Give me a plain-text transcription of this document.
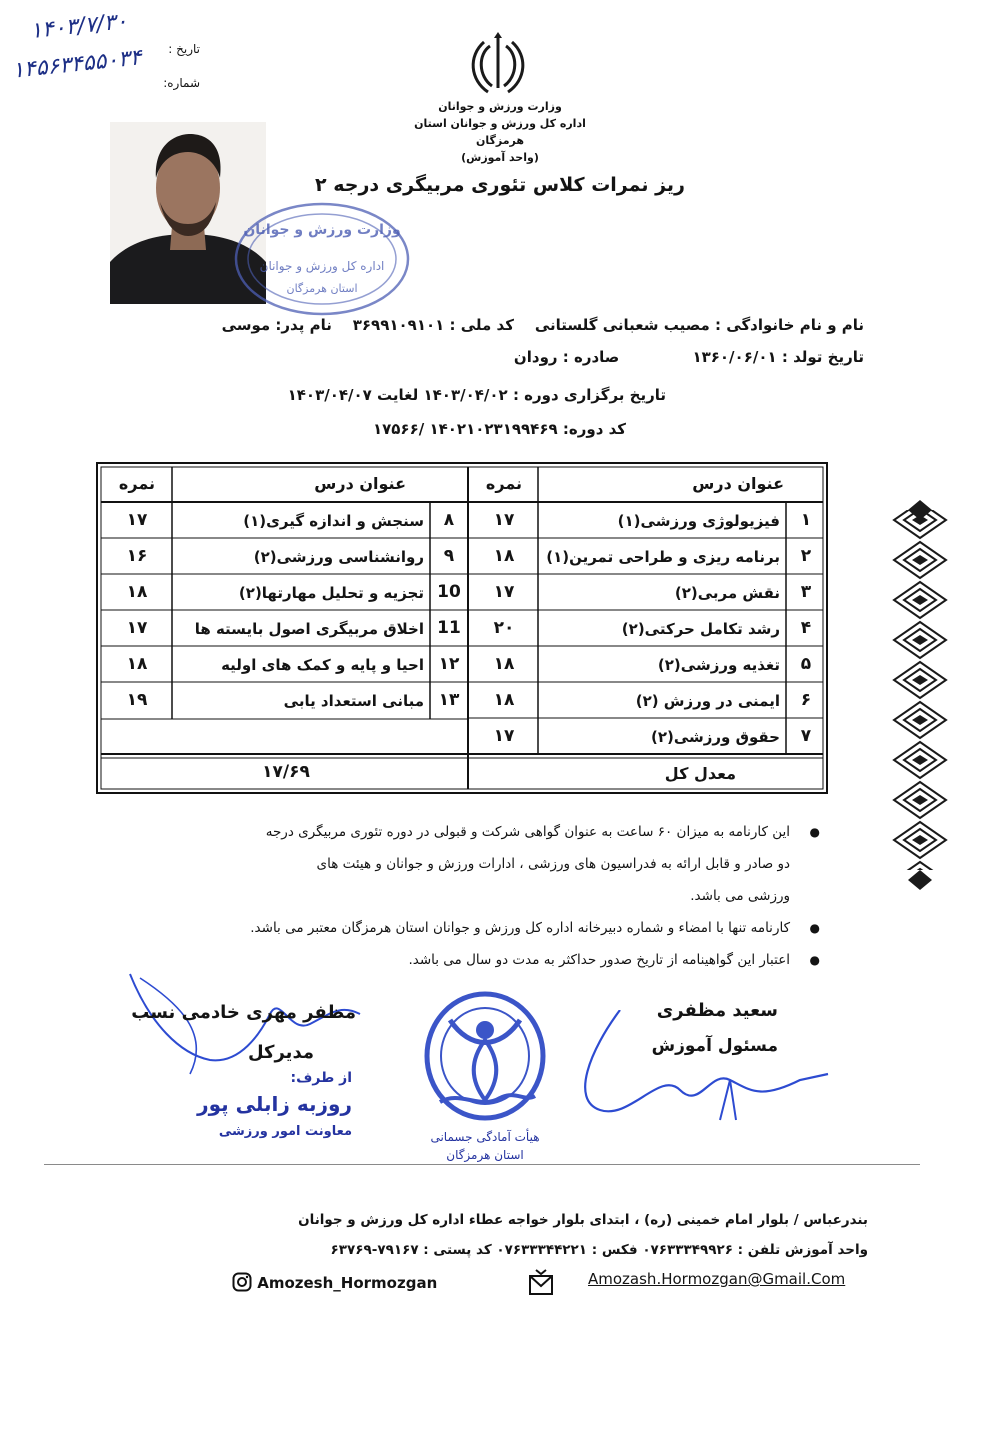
۱۴۰۳/۷/۳۰
۱۴۵۶۳۴۵۵۰۳۴ تاریخ :
شماره:
وزارت ورزش و جوانان
اداره کل ورزش و جوانان استان هرمزگان
(واحد آموزش)
ریز نمرات کلاس تئوری مربیگری درجه ۲
وزارت ورزش و جوانان
اداره کل ورزش و جوانان
استان هرمزگان
نام و نام خانوادگی : مصیب شعبانی گلستانی    کد ملی : ۳۶۹۹۱۰۹۱۰۱    نام پدر: موسی
تاریخ تولد : ۱۳۶۰/۰۶/۰۱              صادره : رودان
تاریخ برگزاری دوره : ۱۴۰۳/۰۴/۰۲ لغایت ۱۴۰۳/۰۴/۰۷
کد دوره: ۱۴۰۲۱۰۲۳۱۹۹۴۶۹ /۱۷۵۶۶
عنوان درس
نمره
عنوان درس
نمره
۱
فیزیولوژی ورزشی(۱)
۱۷
۲
برنامه ریزی و طراحی تمرین(۱)
۱۸
۳
نقش مربی(۲)
۱۷
۴
رشد تکامل حرکتی(۲)
۲۰
۵
تغذیه ورزشی(۲)
۱۸
۶
ایمنی در ورزش (۲)
۱۸
۷
حقوق ورزشی(۲)
۱۷
۸
سنجش و اندازه گیری(۱)
۱۷
۹
روانشناسی ورزشی(۲)
۱۶
10
تجزیه و تحلیل مهارتها(۲)
۱۸
11
اخلاق مربیگری اصول بایسته ها
۱۷
۱۲
احیا و پایه و کمک های اولیه
۱۸
۱۳
مبانی استعداد یابی
۱۹
معدل کل
۱۷/۶۹
●
این کارنامه به میزان ۶۰ ساعت به عنوان گواهی شرکت و قبولی در دوره تئوری مربیگری درجه
دو صادر و قابل ارائه به فدراسیون های ورزشی ، ادارات ورزش و جوانان و هیئت های
ورزشی می باشد.
●
کارنامه تنها با امضاء و شماره دبیرخانه اداره کل ورزش و جوانان استان هرمزگان معتبر می باشد.
●
اعتبار این گواهینامه از تاریخ صدور حداکثر به مدت دو سال می باشد.
سعید مظفری
مسئول آموزش
مظفر مهری خادمی نسب
مدیرکل
از طرف:
روزبه زابلی پور
معاونت امور ورزشی	هیأت آمادگی جسمانی
استان هرمزگان
بندرعباس / بلوار امام خمینی (ره) ، ابتدای بلوار خواجه عطاء اداره کل ورزش و جوانان
واحد آموزش تلفن : ۰۷۶۳۳۳۴۹۹۲۶ فکس : ۰۷۶۳۳۳۴۴۲۲۱ کد پستی : ۷۹۱۶۷-۶۳۷۶۹
Amozesh_Hormozgan	Amozash.Hormozgan@Gmail.Com
